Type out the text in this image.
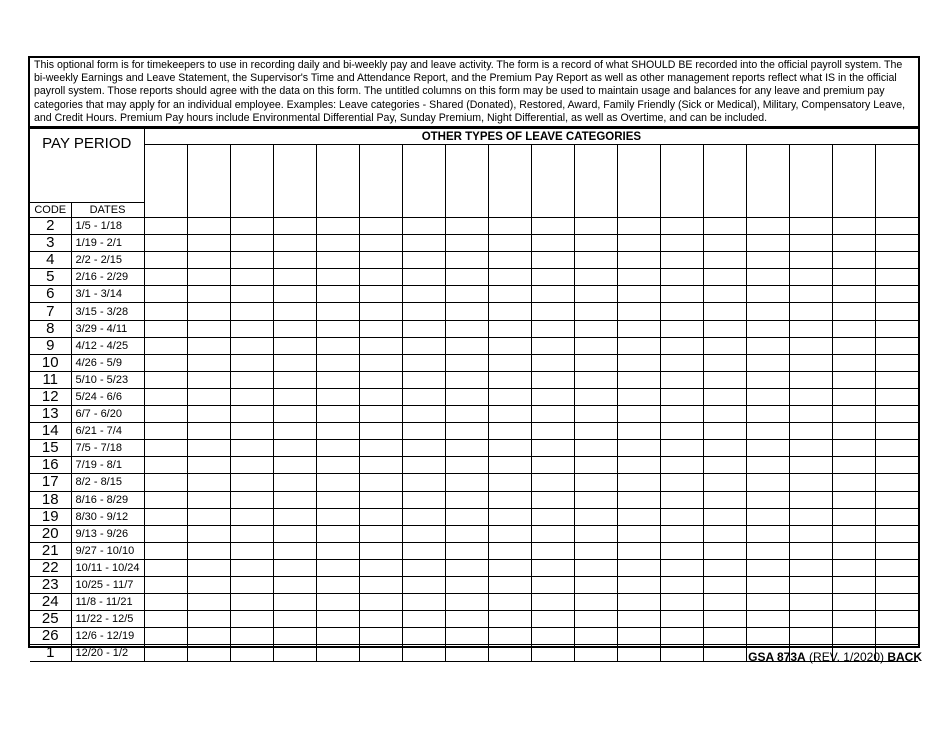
This optional form is for timekeepers to use in recording daily and bi-weekly pay and leave activity. The form is a record of what SHOULD BE recorded into the official payroll system. The bi-weekly Earnings and Leave Statement, the Supervisor's Time and Attendance Report, and the Premium Pay Report as well as other management reports reflect what IS in the official payroll system. Those reports should agree with the data on this form. The untitled columns on this form may be used to maintain usage and balances for any leave and premium pay categories that may apply for an individual employee. Examples: Leave categories - Shared (Donated), Restored, Award, Family Friendly (Sick or Medical), Military, Compensatory Leave, and Credit Hours. Premium Pay hours include Environmental Differential Pay, Sunday Premium, Night Differential, as well as Overtime, and can be included.
PAY PERIOD		OTHER TYPES OF LEAVE CATEGORIES																	

CODE	DATES																		
2	1/5 - 1/18																		
3	1/19 - 2/1																		
4	2/2 - 2/15																		
5	2/16 - 2/29																		
6	3/1 - 3/14																		
7	3/15 - 3/28																		
8	3/29 - 4/11																		
9	4/12 - 4/25																		
10	4/26 - 5/9																		
11	5/10 - 5/23																		
12	5/24 - 6/6																		
13	6/7 - 6/20																		
14	6/21 - 7/4																		
15	7/5 - 7/18																		
16	7/19 - 8/1																		
17	8/2 - 8/15																		
18	8/16 - 8/29																		
19	8/30 - 9/12																		
20	9/13 - 9/26																		
21	9/27 - 10/10																		
22	10/11 - 10/24																		
23	10/25 - 11/7																		
24	11/8 - 11/21																		
25	11/22 - 12/5																		
26	12/6 - 12/19																		
1	12/20 - 1/2																			GSA 873A (REV. 1/2020) BACK
